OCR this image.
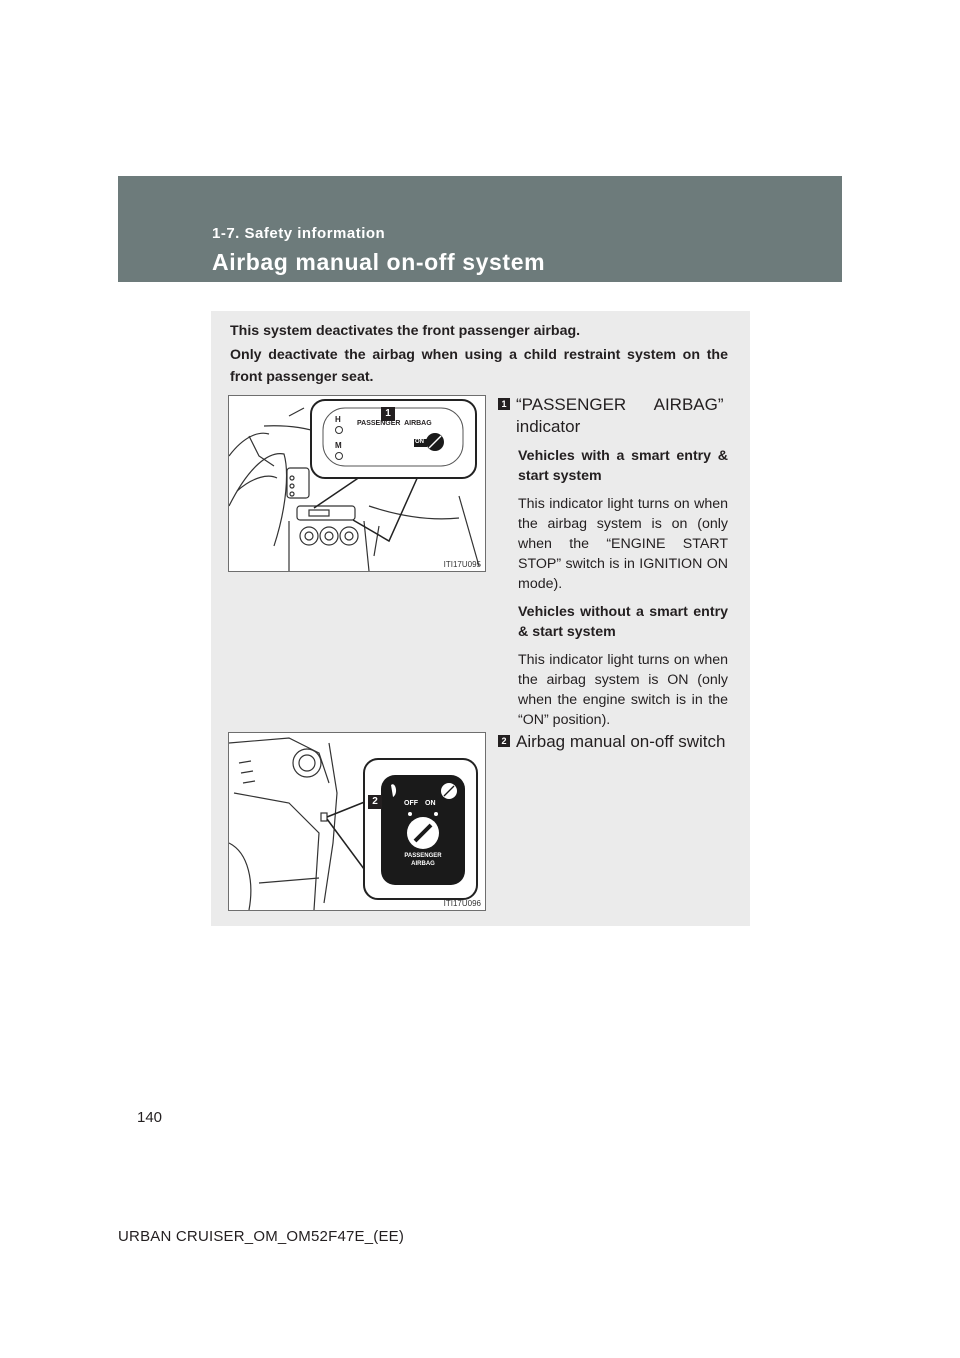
1-7. Safety information
Airbag manual on-off system

This system deactivates the front passenger airbag.

Only deactivate the airbag when using a child restraint system on the front passenger seat.

1
H
M
PASSENGER  AIRBAG
ON
ITI17U095
1 “PASSENGER      AIRBAG”
indicator
Vehicles with a smart entry & start system
This indicator light turns on when the airbag system is on (only when the “ENGINE START STOP” switch is in IGNITION ON mode).
Vehicles without a smart entry & start system
This indicator light turns on when the airbag system is ON (only when the engine switch is in the “ON” position).
2	OFF ON
PASSENGER
AIRBAG
ITI17U096
2 Airbag manual on-off switch
140
URBAN CRUISER_OM_OM52F47E_(EE)
